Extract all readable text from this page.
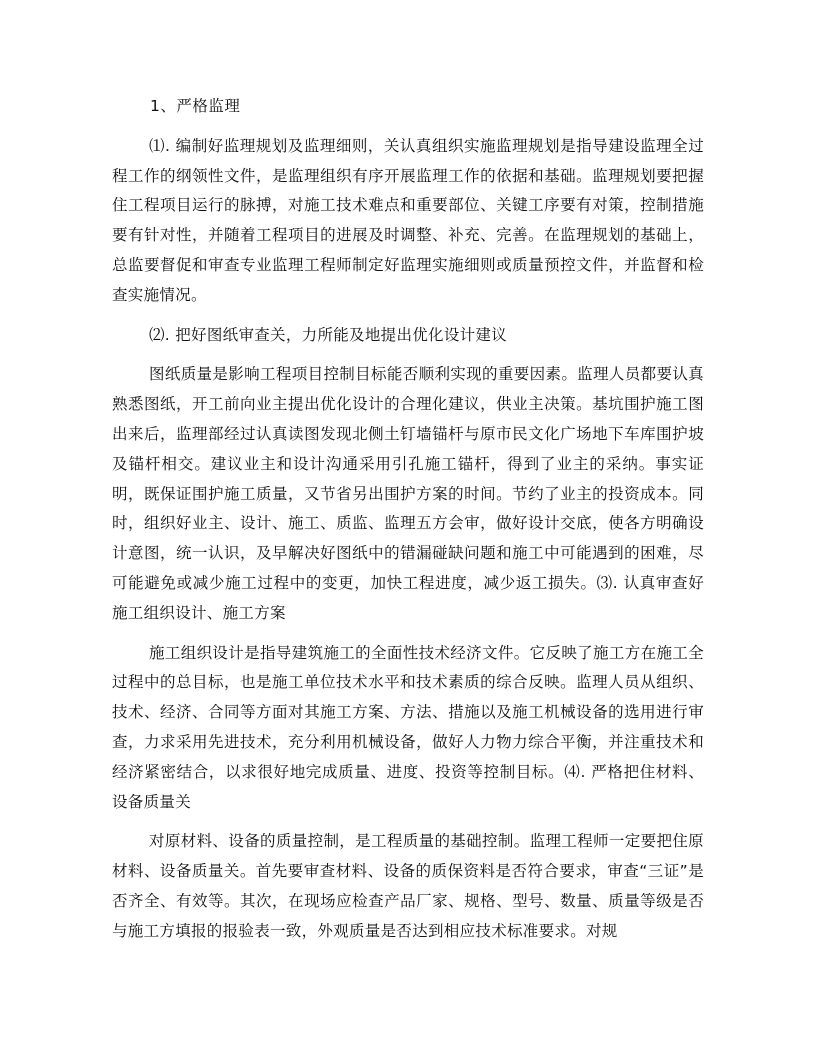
1、严格监理

⑴. 编制好监理规划及监理细则，关认真组织实施监理规划是指导建设监理全过程工作的纲领性文件，是监理组织有序开展监理工作的依据和基础。监理规划要把握住工程项目运行的脉搏，对施工技术难点和重要部位、关键工序要有对策，控制措施要有针对性，并随着工程项目的进展及时调整、补充、完善。在监理规划的基础上，总监要督促和审查专业监理工程师制定好监理实施细则或质量预控文件，并监督和检查实施情况。

⑵. 把好图纸审查关，力所能及地提出优化设计建议

图纸质量是影响工程项目控制目标能否顺利实现的重要因素。监理人员都要认真熟悉图纸，开工前向业主提出优化设计的合理化建议，供业主决策。基坑围护施工图出来后，监理部经过认真读图发现北侧土钉墙锚杆与原市民文化广场地下车库围护坡及锚杆相交。建议业主和设计沟通采用引孔施工锚杆，得到了业主的采纳。事实证明，既保证围护施工质量，又节省另出围护方案的时间。节约了业主的投资成本。同时，组织好业主、设计、施工、质监、监理五方会审，做好设计交底，使各方明确设计意图，统一认识，及早解决好图纸中的错漏碰缺问题和施工中可能遇到的困难，尽可能避免或减少施工过程中的变更，加快工程进度，减少返工损失。⑶. 认真审查好施工组织设计、施工方案

施工组织设计是指导建筑施工的全面性技术经济文件。它反映了施工方在施工全过程中的总目标，也是施工单位技术水平和技术素质的综合反映。监理人员从组织、技术、经济、合同等方面对其施工方案、方法、措施以及施工机械设备的选用进行审查，力求采用先进技术，充分利用机械设备，做好人力物力综合平衡，并注重技术和经济紧密结合，以求很好地完成质量、进度、投资等控制目标。⑷. 严格把住材料、设备质量关

对原材料、设备的质量控制，是工程质量的基础控制。监理工程师一定要把住原材料、设备质量关。首先要审查材料、设备的质保资料是否符合要求，审查“三证”是否齐全、有效等。其次，在现场应检查产品厂家、规格、型号、数量、质量等级是否与施工方填报的报验表一致，外观质量是否达到相应技术标准要求。对规
